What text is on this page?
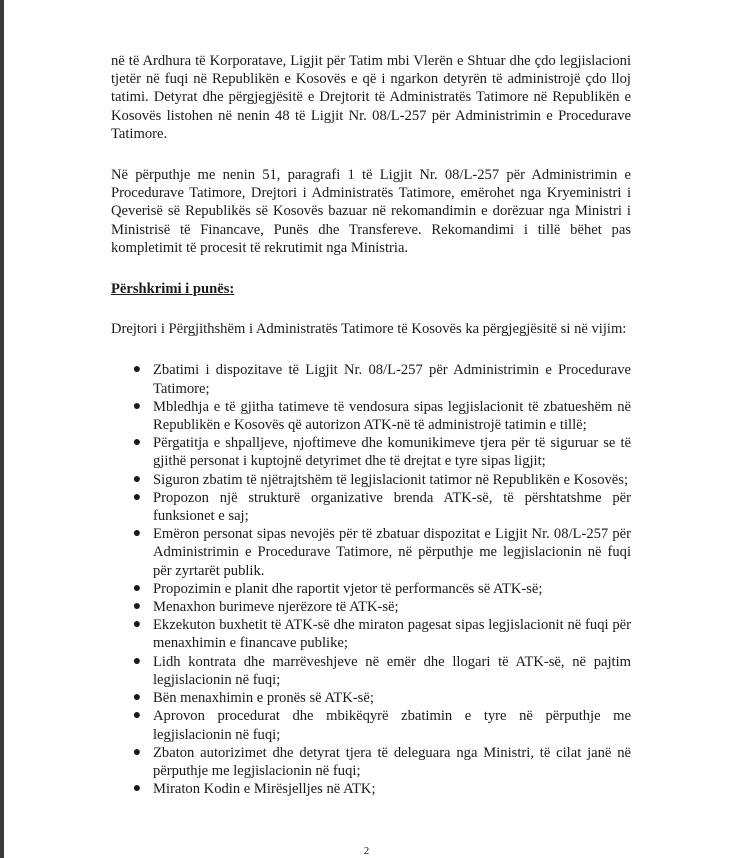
në të Ardhura të Korporatave, Ligjit për Tatim mbi Vlerën e Shtuar dhe çdo legjislacioni tjetër në fuqi në Republikën e Kosovës e që i ngarkon detyrën të administrojë çdo lloj tatimi. Detyrat dhe përgjegjësitë e Drejtorit të Administratës Tatimore në Republikën e Kosovës listohen në nenin 48 të Ligjit Nr. 08/L-257 për Administrimin e Procedurave Tatimore.

Në përputhje me nenin 51, paragrafi 1 të Ligjit Nr. 08/L-257 për Administrimin e Procedurave Tatimore, Drejtori i Administratës Tatimore, emërohet nga Kryeministri i Qeverisë së Republikës së Kosovës bazuar në rekomandimin e dorëzuar nga Ministri i Ministrisë të Financave, Punës dhe Transfereve. Rekomandimi i tillë bëhet pas kompletimit të procesit të rekrutimit nga Ministria.

Përshkrimi i punës:

Drejtori i Përgjithshëm i Administratës Tatimore të Kosovës ka përgjegjësitë si në vijim:

● Zbatimi i dispozitave të Ligjit Nr. 08/L-257 për Administrimin e Procedurave Tatimore;
● Mbledhja e të gjitha tatimeve të vendosura sipas legjislacionit të zbatueshëm në Republikën e Kosovës që autorizon ATK-në të administrojë tatimin e tillë;
● Përgatitja e shpalljeve, njoftimeve dhe komunikimeve tjera për të siguruar se të gjithë personat i kuptojnë detyrimet dhe të drejtat e tyre sipas ligjit;
● Siguron zbatim të njëtrajtshëm të legjislacionit tatimor në Republikën e Kosovës;
● Propozon një strukturë organizative brenda ATK-së, të përshtatshme për funksionet e saj;
● Emëron personat sipas nevojës për të zbatuar dispozitat e Ligjit Nr. 08/L-257 për Administrimin e Procedurave Tatimore, në përputhje me legjislacionin në fuqi për zyrtarët publik.
● Propozimin e planit dhe raportit vjetor të performancës së ATK-së;
● Menaxhon burimeve njerëzore të ATK-së;
● Ekzekuton buxhetit të ATK-së dhe miraton pagesat sipas legjislacionit në fuqi për menaxhimin e financave publike;
● Lidh kontrata dhe marrëveshjeve në emër dhe llogari të ATK-së, në pajtim legjislacionin në fuqi;
● Bën menaxhimin e pronës së ATK-së;
● Aprovon procedurat dhe mbikëqyrë zbatimin e tyre në përputhje me legjislacionin në fuqi;
● Zbaton autorizimet dhe detyrat tjera të deleguara nga Ministri, të cilat janë në përputhje me legjislacionin në fuqi;
● Miraton Kodin e Mirësjelljes në ATK;
2
